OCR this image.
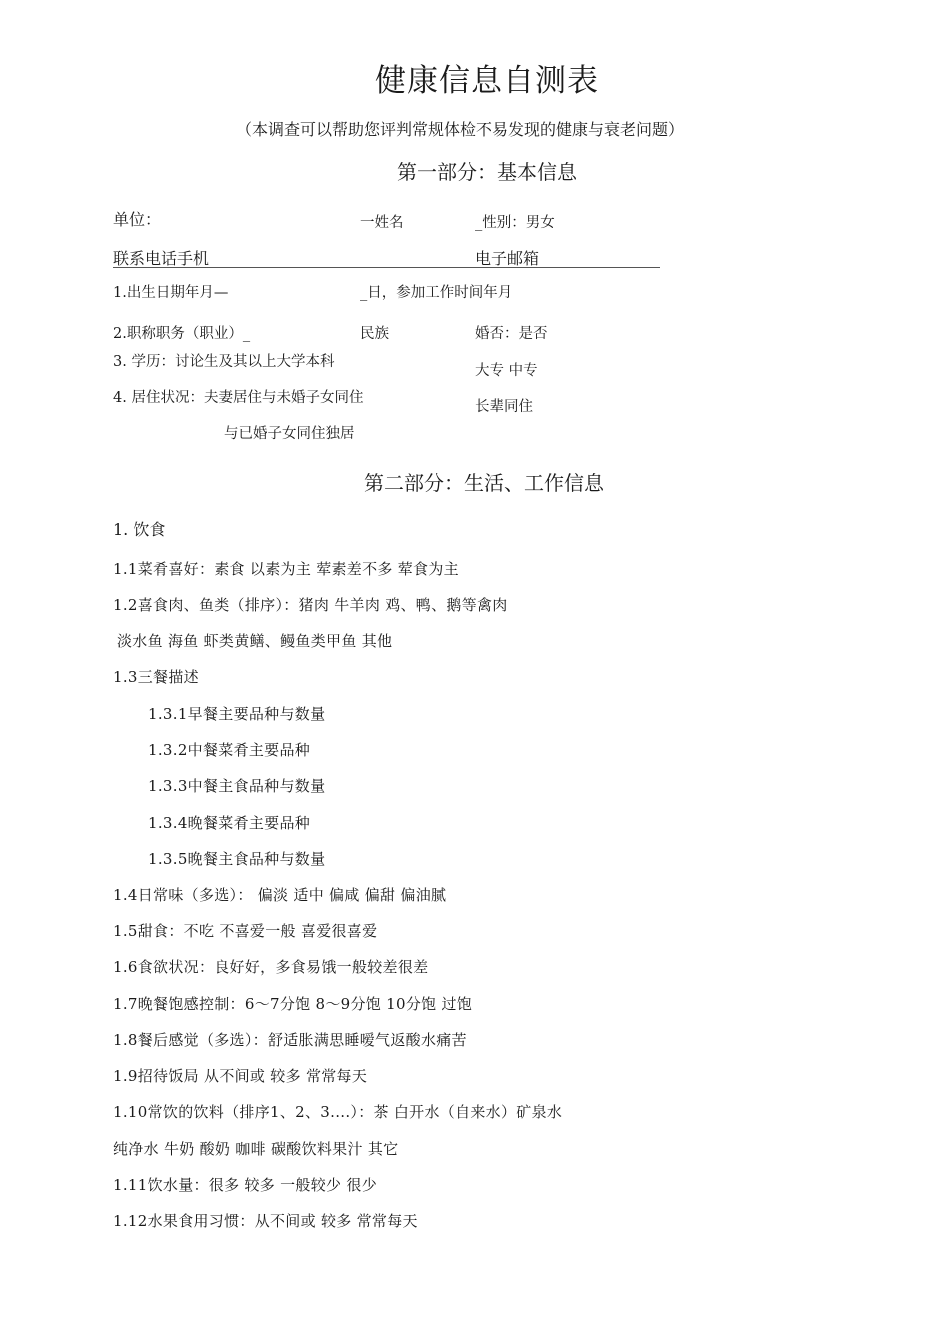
健康信息自测表
（本调查可以帮助您评判常规体检不易发现的健康与衰老问题）
第一部分：基本信息
单位：	一姓名	_性别：男女
联系电话手机	电子邮箱
1.出生日期年月—	_日，参加工作时间年月
2.职称职务（职业）_	民族	婚否：是否
3. 学历：讨论生及其以上大学本科
大专 中专
4. 居住状况：夫妻居住与未婚子女同住
长辈同住
与已婚子女同住独居
第二部分：生活、工作信息
1. 饮食
1.1菜肴喜好：素食 以素为主 荤素差不多 荤食为主
1.2喜食肉、鱼类（排序）：猪肉 牛羊肉 鸡、鸭、鹅等禽肉
淡水鱼 海鱼 虾类黄鳝、鳗鱼类甲鱼 其他
1.3三餐描述
1.3.1早餐主要品种与数量
1.3.2中餐菜肴主要品种
1.3.3中餐主食品种与数量
1.3.4晚餐菜肴主要品种
1.3.5晚餐主食品种与数量
1.4日常味（多选）： 偏淡 适中 偏咸 偏甜 偏油腻
1.5甜食：不吃 不喜爱一般 喜爱很喜爱
1.6食欲状况：良好好，多食易饿一般较差很差
1.7晚餐饱感控制：6〜7分饱 8〜9分饱 10分饱 过饱
1.8餐后感觉（多选）：舒适胀满思睡嗳气返酸水痛苦
1.9招待饭局 从不间或 较多 常常每天
1.10常饮的饮料（排序1、2、3....）：茶 白开水（自来水）矿泉水
纯净水 牛奶 酸奶 咖啡 碳酸饮料果汁 其它
1.11饮水量：很多 较多 一般较少 很少
1.12水果食用习惯：从不间或 较多 常常每天
